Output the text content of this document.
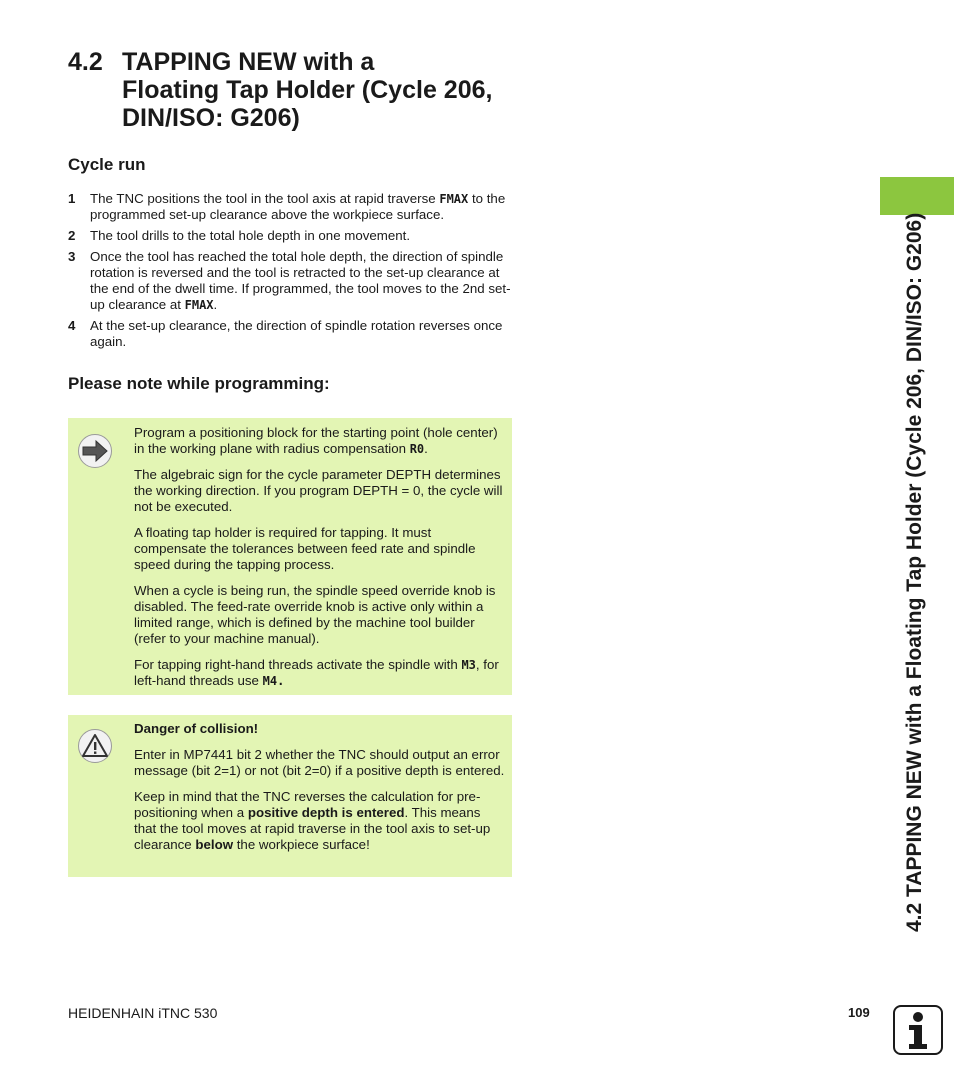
4.2 TAPPING NEW with a
Floating Tap Holder (Cycle 206,
DIN/ISO: G206)
Cycle run
1 The TNC positions the tool in the tool axis at rapid traverse FMAX to the programmed set-up clearance above the workpiece surface.
2 The tool drills to the total hole depth in one movement.
3 Once the tool has reached the total hole depth, the direction of spindle rotation is reversed and the tool is retracted to the set-up clearance at the end of the dwell time. If programmed, the tool moves to the 2nd set-up clearance at FMAX.
4 At the set-up clearance, the direction of spindle rotation reverses once again.
Please note while programming:

Program a positioning block for the starting point (hole center) in the working plane with radius compensation R0.

The algebraic sign for the cycle parameter DEPTH determines the working direction. If you program DEPTH = 0, the cycle will not be executed.

A floating tap holder is required for tapping. It must compensate the tolerances between feed rate and spindle speed during the tapping process.

When a cycle is being run, the spindle speed override knob is disabled. The feed-rate override knob is active only within a limited range, which is defined by the machine tool builder (refer to your machine manual).

For tapping right-hand threads activate the spindle with M3, for left-hand threads use M4.

Danger of collision!

Enter in MP7441 bit 2 whether the TNC should output an error message (bit 2=1) or not (bit 2=0) if a positive depth is entered.

Keep in mind that the TNC reverses the calculation for pre-positioning when a positive depth is entered. This means that the tool moves at rapid traverse in the tool axis to set-up clearance below the workpiece surface!	4.2 TAPPING NEW with a Floating Tap Holder (Cycle 206, DIN/ISO: G206)
HEIDENHAIN iTNC 530	109
